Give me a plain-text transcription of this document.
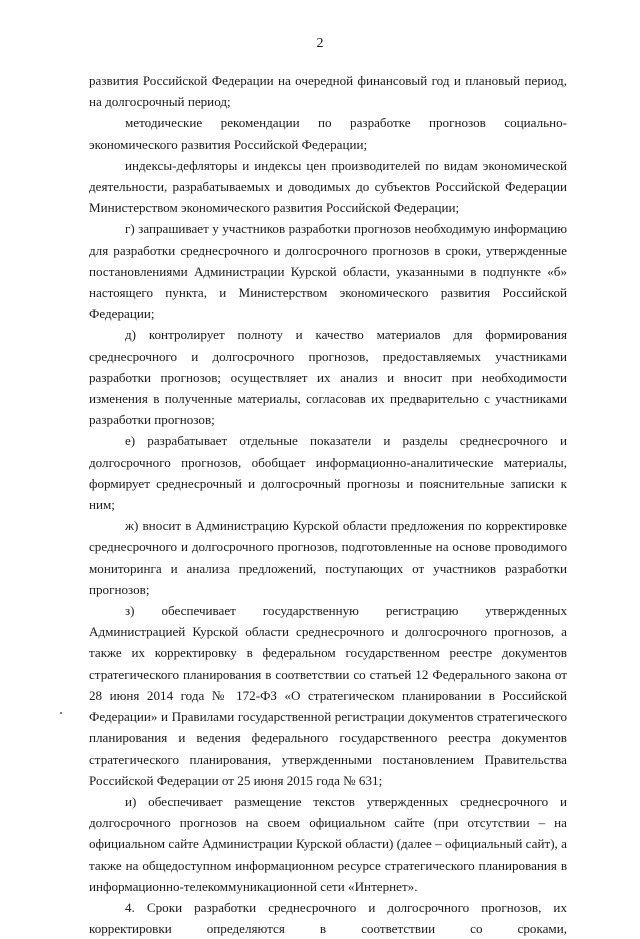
2

развития Российской Федерации на очередной финансовый год и плановый период, на долгосрочный период;

методические рекомендации по разработке прогнозов социально-экономического развития Российской Федерации;

индексы-дефляторы и индексы цен производителей по видам экономической деятельности, разрабатываемых и доводимых до субъектов Российской Федерации Министерством экономического развития Российской Федерации;

г) запрашивает у участников разработки прогнозов необходимую информацию для разработки среднесрочного и долгосрочного прогнозов в сроки, утвержденные постановлениями Администрации Курской области, указанными в подпункте «б» настоящего пункта, и Министерством экономического развития Российской Федерации;

д) контролирует полноту и качество материалов для формирования среднесрочного и долгосрочного прогнозов, предоставляемых участниками разработки прогнозов; осуществляет их анализ и вносит при необходимости изменения в полученные материалы, согласовав их предварительно с участниками разработки прогнозов;

е) разрабатывает отдельные показатели и разделы среднесрочного и долгосрочного прогнозов, обобщает информационно-аналитические материалы, формирует среднесрочный и долгосрочный прогнозы и пояснительные записки к ним;

ж) вносит в Администрацию Курской области предложения по корректировке среднесрочного и долгосрочного прогнозов, подготовленные на основе проводимого мониторинга и анализа предложений, поступающих от участников разработки прогнозов;

з) обеспечивает государственную регистрацию утвержденных Администрацией Курской области среднесрочного и долгосрочного прогнозов, а также их корректировку в федеральном государственном реестре документов стратегического планирования в соответствии со статьей 12 Федерального закона от 28 июня 2014 года № 172-ФЗ «О стратегическом планировании в Российской Федерации» и Правилами государственной регистрации документов стратегического планирования и ведения федерального государственного реестра документов стратегического планирования, утвержденными постановлением Правительства Российской Федерации от 25 июня 2015 года № 631;

и) обеспечивает размещение текстов утвержденных среднесрочного и долгосрочного прогнозов на своем официальном сайте (при отсутствии – на официальном сайте Администрации Курской области) (далее – официальный сайт), а также на общедоступном информационном ресурсе стратегического планирования в информационно-телекоммуникационной сети «Интернет».

4. Сроки разработки среднесрочного и долгосрочного прогнозов, их корректировки определяются в соответствии со сроками,
